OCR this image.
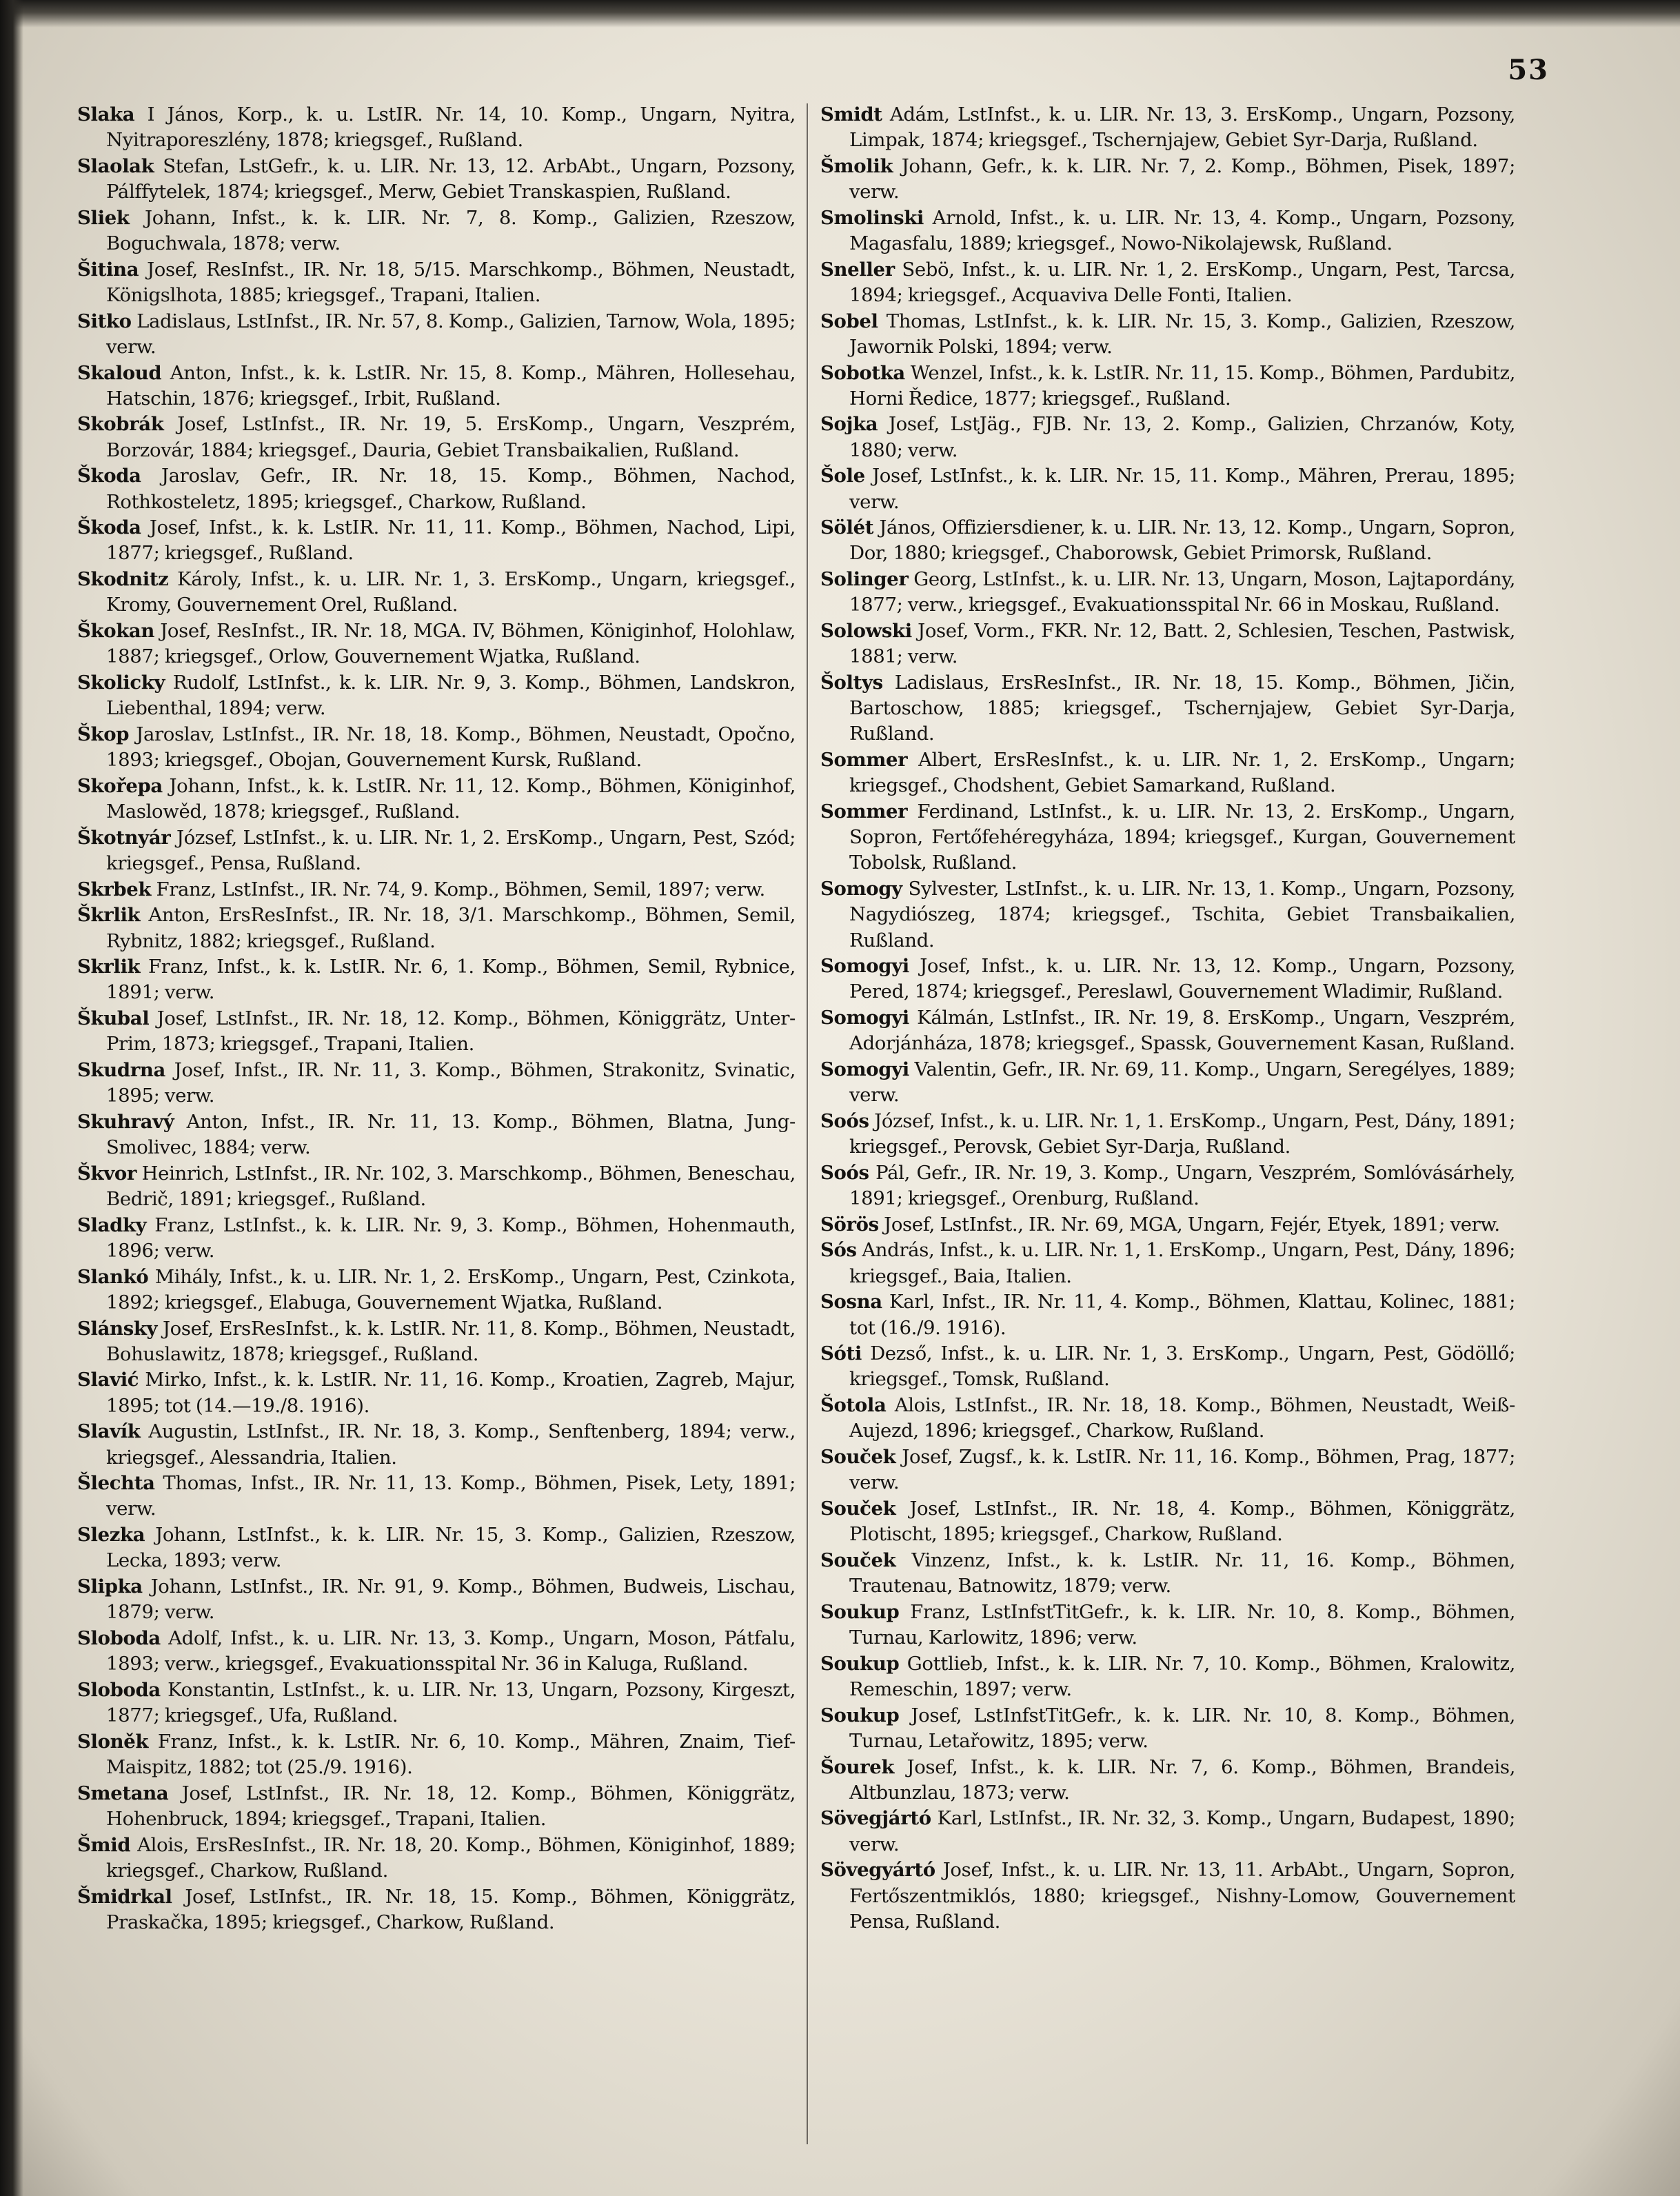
53

Slaka I János, Korp., k. u. LstIR. Nr. 14, 10. Komp., Ungarn, Nyitra, Nyitraporeszlény, 1878; kriegsgef., Rußland.

Slaolak Stefan, LstGefr., k. u. LIR. Nr. 13, 12. ArbAbt., Ungarn, Pozsony, Pálffytelek, 1874; kriegsgef., Merw, Gebiet Transkaspien, Rußland.

Sliek Johann, Infst., k. k. LIR. Nr. 7, 8. Komp., Galizien, Rzeszow, Boguchwala, 1878; verw.

Šitina Josef, ResInfst., IR. Nr. 18, 5/15. Marschkomp., Böhmen, Neustadt, Königslhota, 1885; kriegsgef., Trapani, Italien.

Sitko Ladislaus, LstInfst., IR. Nr. 57, 8. Komp., Galizien, Tarnow, Wola, 1895; verw.

Skaloud Anton, Infst., k. k. LstIR. Nr. 15, 8. Komp., Mähren, Hollesehau, Hatschin, 1876; kriegsgef., Irbit, Rußland.

Skobrák Josef, LstInfst., IR. Nr. 19, 5. ErsKomp., Ungarn, Veszprém, Borzovár, 1884; kriegsgef., Dauria, Gebiet Transbaikalien, Rußland.

Škoda Jaroslav, Gefr., IR. Nr. 18, 15. Komp., Böhmen, Nachod, Rothkosteletz, 1895; kriegsgef., Charkow, Rußland.

Škoda Josef, Infst., k. k. LstIR. Nr. 11, 11. Komp., Böhmen, Nachod, Lipi, 1877; kriegsgef., Rußland.

Skodnitz Károly, Infst., k. u. LIR. Nr. 1, 3. ErsKomp., Ungarn, kriegsgef., Kromy, Gouvernement Orel, Rußland.

Škokan Josef, ResInfst., IR. Nr. 18, MGA. IV, Böhmen, Königinhof, Holohlaw, 1887; kriegsgef., Orlow, Gouvernement Wjatka, Rußland.

Skolicky Rudolf, LstInfst., k. k. LIR. Nr. 9, 3. Komp., Böhmen, Landskron, Liebenthal, 1894; verw.

Škop Jaroslav, LstInfst., IR. Nr. 18, 18. Komp., Böhmen, Neustadt, Opočno, 1893; kriegsgef., Obojan, Gouvernement Kursk, Rußland.

Skořepa Johann, Infst., k. k. LstIR. Nr. 11, 12. Komp., Böhmen, Königinhof, Maslowěd, 1878; kriegsgef., Rußland.

Škotnyár József, LstInfst., k. u. LIR. Nr. 1, 2. ErsKomp., Ungarn, Pest, Szód; kriegsgef., Pensa, Rußland.

Skrbek Franz, LstInfst., IR. Nr. 74, 9. Komp., Böhmen, Semil, 1897; verw.

Škrlik Anton, ErsResInfst., IR. Nr. 18, 3/1. Marschkomp., Böhmen, Semil, Rybnitz, 1882; kriegsgef., Rußland.

Skrlik Franz, Infst., k. k. LstIR. Nr. 6, 1. Komp., Böhmen, Semil, Rybnice, 1891; verw.

Škubal Josef, LstInfst., IR. Nr. 18, 12. Komp., Böhmen, Königgrätz, Unter-Prim, 1873; kriegsgef., Trapani, Italien.

Skudrna Josef, Infst., IR. Nr. 11, 3. Komp., Böhmen, Strakonitz, Svinatic, 1895; verw.

Skuhravý Anton, Infst., IR. Nr. 11, 13. Komp., Böhmen, Blatna, Jung-Smolivec, 1884; verw.

Škvor Heinrich, LstInfst., IR. Nr. 102, 3. Marschkomp., Böhmen, Beneschau, Bedrič, 1891; kriegsgef., Rußland.

Sladky Franz, LstInfst., k. k. LIR. Nr. 9, 3. Komp., Böhmen, Hohenmauth, 1896; verw.

Slankó Mihály, Infst., k. u. LIR. Nr. 1, 2. ErsKomp., Ungarn, Pest, Czinkota, 1892; kriegsgef., Elabuga, Gouvernement Wjatka, Rußland.

Slánsky Josef, ErsResInfst., k. k. LstIR. Nr. 11, 8. Komp., Böhmen, Neustadt, Bohuslawitz, 1878; kriegsgef., Rußland.

Slavić Mirko, Infst., k. k. LstIR. Nr. 11, 16. Komp., Kroatien, Zagreb, Majur, 1895; tot (14.—19./8. 1916).

Slavík Augustin, LstInfst., IR. Nr. 18, 3. Komp., Senftenberg, 1894; verw., kriegsgef., Alessandria, Italien.

Šlechta Thomas, Infst., IR. Nr. 11, 13. Komp., Böhmen, Pisek, Lety, 1891; verw.

Slezka Johann, LstInfst., k. k. LIR. Nr. 15, 3. Komp., Galizien, Rzeszow, Lecka, 1893; verw.

Slipka Johann, LstInfst., IR. Nr. 91, 9. Komp., Böhmen, Budweis, Lischau, 1879; verw.

Sloboda Adolf, Infst., k. u. LIR. Nr. 13, 3. Komp., Ungarn, Moson, Pátfalu, 1893; verw., kriegsgef., Evakuationsspital Nr. 36 in Kaluga, Rußland.

Sloboda Konstantin, LstInfst., k. u. LIR. Nr. 13, Ungarn, Pozsony, Kirgeszt, 1877; kriegsgef., Ufa, Rußland.

Sloněk Franz, Infst., k. k. LstIR. Nr. 6, 10. Komp., Mähren, Znaim, Tief-Maispitz, 1882; tot (25./9. 1916).

Smetana Josef, LstInfst., IR. Nr. 18, 12. Komp., Böhmen, Königgrätz, Hohenbruck, 1894; kriegsgef., Trapani, Italien.

Šmid Alois, ErsResInfst., IR. Nr. 18, 20. Komp., Böhmen, Königinhof, 1889; kriegsgef., Charkow, Rußland.

Šmidrkal Josef, LstInfst., IR. Nr. 18, 15. Komp., Böhmen, Königgrätz, Praskačka, 1895; kriegsgef., Charkow, Rußland.

Smidt Adám, LstInfst., k. u. LIR. Nr. 13, 3. ErsKomp., Ungarn, Pozsony, Limpak, 1874; kriegsgef., Tschernjajew, Gebiet Syr-Darja, Rußland.

Šmolik Johann, Gefr., k. k. LIR. Nr. 7, 2. Komp., Böhmen, Pisek, 1897; verw.

Smolinski Arnold, Infst., k. u. LIR. Nr. 13, 4. Komp., Ungarn, Pozsony, Magasfalu, 1889; kriegsgef., Nowo-Nikolajewsk, Rußland.

Sneller Sebö, Infst., k. u. LIR. Nr. 1, 2. ErsKomp., Ungarn, Pest, Tarcsa, 1894; kriegsgef., Acquaviva Delle Fonti, Italien.

Sobel Thomas, LstInfst., k. k. LIR. Nr. 15, 3. Komp., Galizien, Rzeszow, Jawornik Polski, 1894; verw.

Sobotka Wenzel, Infst., k. k. LstIR. Nr. 11, 15. Komp., Böhmen, Pardubitz, Horni Ředice, 1877; kriegsgef., Rußland.

Sojka Josef, LstJäg., FJB. Nr. 13, 2. Komp., Galizien, Chrzanów, Koty, 1880; verw.

Šole Josef, LstInfst., k. k. LIR. Nr. 15, 11. Komp., Mähren, Prerau, 1895; verw.

Sölét János, Offiziersdiener, k. u. LIR. Nr. 13, 12. Komp., Ungarn, Sopron, Dor, 1880; kriegsgef., Chaborowsk, Gebiet Primorsk, Rußland.

Solinger Georg, LstInfst., k. u. LIR. Nr. 13, Ungarn, Moson, Lajtapordány, 1877; verw., kriegsgef., Evakuationsspital Nr. 66 in Moskau, Rußland.

Solowski Josef, Vorm., FKR. Nr. 12, Batt. 2, Schlesien, Teschen, Pastwisk, 1881; verw.

Šoltys Ladislaus, ErsResInfst., IR. Nr. 18, 15. Komp., Böhmen, Jičin, Bartoschow, 1885; kriegsgef., Tschernjajew, Gebiet Syr-Darja, Rußland.

Sommer Albert, ErsResInfst., k. u. LIR. Nr. 1, 2. ErsKomp., Ungarn; kriegsgef., Chodshent, Gebiet Samarkand, Rußland.

Sommer Ferdinand, LstInfst., k. u. LIR. Nr. 13, 2. ErsKomp., Ungarn, Sopron, Fertőfehéregyháza, 1894; kriegsgef., Kurgan, Gouvernement Tobolsk, Rußland.

Somogy Sylvester, LstInfst., k. u. LIR. Nr. 13, 1. Komp., Ungarn, Pozsony, Nagydiószeg, 1874; kriegsgef., Tschita, Gebiet Transbaikalien, Rußland.

Somogyi Josef, Infst., k. u. LIR. Nr. 13, 12. Komp., Ungarn, Pozsony, Pered, 1874; kriegsgef., Pereslawl, Gouvernement Wladimir, Rußland.

Somogyi Kálmán, LstInfst., IR. Nr. 19, 8. ErsKomp., Ungarn, Veszprém, Adorjánháza, 1878; kriegsgef., Spassk, Gouvernement Kasan, Rußland.

Somogyi Valentin, Gefr., IR. Nr. 69, 11. Komp., Ungarn, Seregélyes, 1889; verw.

Soós József, Infst., k. u. LIR. Nr. 1, 1. ErsKomp., Ungarn, Pest, Dány, 1891; kriegsgef., Perovsk, Gebiet Syr-Darja, Rußland.

Soós Pál, Gefr., IR. Nr. 19, 3. Komp., Ungarn, Veszprém, Somlóvásárhely, 1891; kriegsgef., Orenburg, Rußland.

Sörös Josef, LstInfst., IR. Nr. 69, MGA, Ungarn, Fejér, Etyek, 1891; verw.

Sós András, Infst., k. u. LIR. Nr. 1, 1. ErsKomp., Ungarn, Pest, Dány, 1896; kriegsgef., Baia, Italien.

Sosna Karl, Infst., IR. Nr. 11, 4. Komp., Böhmen, Klattau, Kolinec, 1881; tot (16./9. 1916).

Sóti Dezső, Infst., k. u. LIR. Nr. 1, 3. ErsKomp., Ungarn, Pest, Gödöllő; kriegsgef., Tomsk, Rußland.

Šotola Alois, LstInfst., IR. Nr. 18, 18. Komp., Böhmen, Neustadt, Weiß-Aujezd, 1896; kriegsgef., Charkow, Rußland.

Souček Josef, Zugsf., k. k. LstIR. Nr. 11, 16. Komp., Böhmen, Prag, 1877; verw.

Souček Josef, LstInfst., IR. Nr. 18, 4. Komp., Böhmen, Königgrätz, Plotischt, 1895; kriegsgef., Charkow, Rußland.

Souček Vinzenz, Infst., k. k. LstIR. Nr. 11, 16. Komp., Böhmen, Trautenau, Batnowitz, 1879; verw.

Soukup Franz, LstInfstTitGefr., k. k. LIR. Nr. 10, 8. Komp., Böhmen, Turnau, Karlowitz, 1896; verw.

Soukup Gottlieb, Infst., k. k. LIR. Nr. 7, 10. Komp., Böhmen, Kralowitz, Remeschin, 1897; verw.

Soukup Josef, LstInfstTitGefr., k. k. LIR. Nr. 10, 8. Komp., Böhmen, Turnau, Letařowitz, 1895; verw.

Šourek Josef, Infst., k. k. LIR. Nr. 7, 6. Komp., Böhmen, Brandeis, Altbunzlau, 1873; verw.

Sövegjártó Karl, LstInfst., IR. Nr. 32, 3. Komp., Ungarn, Budapest, 1890; verw.

Sövegyártó Josef, Infst., k. u. LIR. Nr. 13, 11. ArbAbt., Ungarn, Sopron, Fertőszentmiklós, 1880; kriegsgef., Nishny-Lomow, Gouvernement Pensa, Rußland.
